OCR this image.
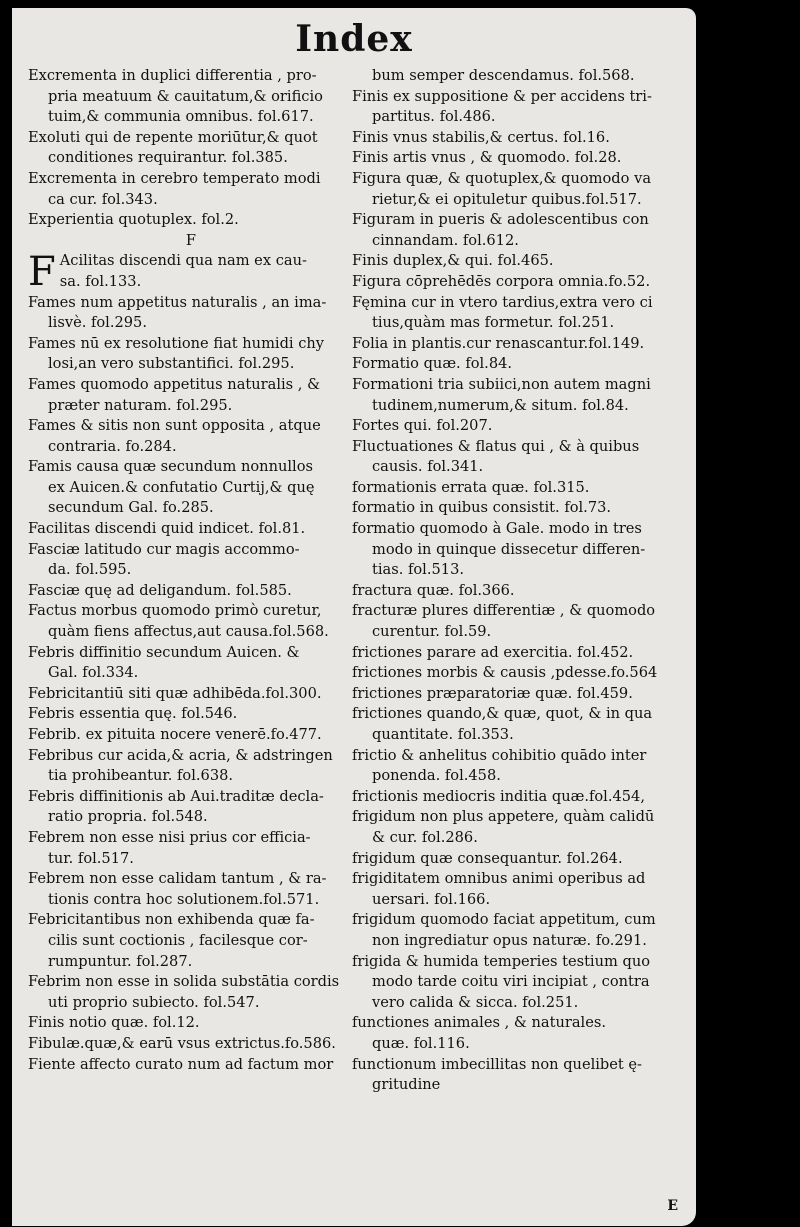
Index
Excrementa in duplici differentia , pro-
pria meatuum & cauitatum,& orificio
tuim,& communia omnibus. fol.617.
Exoluti qui de repente moriūtur,& quot
conditiones requirantur. fol.385.
Excrementa in cerebro temperato modi
ca cur. fol.343.
Experientia quotuplex. fol.2.
F
F Acilitas discendi qua nam ex cau-
sa. fol.133.
Fames num appetitus naturalis , an ima-
lisvè. fol.295.
Fames nū ex resolutione fiat humidi chy
losi,an vero substantifici. fol.295.
Fames quomodo appetitus naturalis , &
præter naturam. fol.295.
Fames & sitis non sunt opposita , atque
contraria. fo.284.
Famis causa quæ secundum nonnullos
ex Auicen.& confutatio Curtij,& quę
secundum Gal. fo.285.
Facilitas discendi quid indicet. fol.81.
Fasciæ latitudo cur magis accommo-
da. fol.595.
Fasciæ quę ad deligandum. fol.585.
Factus morbus quomodo primò curetur,
quàm fiens affectus,aut causa.fol.568.
Febris diffinitio secundum Auicen. &
Gal. fol.334.
Febricitantiū siti quæ adhibēda.fol.300.
Febris essentia quę. fol.546.
Febrib. ex pituita nocere venerē.fo.477.
Febribus cur acida,& acria, & adstringen
tia prohibeantur. fol.638.
Febris diffinitionis ab Aui.traditæ decla-
ratio propria. fol.548.
Febrem non esse nisi prius cor efficia-
tur. fol.517.
Febrem non esse calidam tantum , & ra-
tionis contra hoc solutionem.fol.571.
Febricitantibus non exhibenda quæ fa-
cilis sunt coctionis , facilesque cor-
rumpuntur. fol.287.
Febrim non esse in solida substātia cordis
uti proprio subiecto. fol.547.
Finis notio quæ. fol.12.
Fibulæ.quæ,& earū vsus extrictus.fo.586.
Fiente affecto curato num ad factum mor
bum semper descendamus. fol.568.
Finis ex suppositione & per accidens tri-
partitus. fol.486.
Finis vnus stabilis,& certus. fol.16.
Finis artis vnus , & quomodo. fol.28.
Figura quæ, & quotuplex,& quomodo va
rietur,& ei opituletur quibus.fol.517.
Figuram in pueris & adolescentibus con
cinnandam. fol.612.
Finis duplex,& qui. fol.465.
Figura cōprehēdēs corpora omnia.fo.52.
Fęmina cur in vtero tardius,extra vero ci
tius,quàm mas formetur. fol.251.
Folia in plantis.cur renascantur.fol.149.
Formatio quæ. fol.84.
Formationi tria subiici,non autem magni
tudinem,numerum,& situm. fol.84.
Fortes qui. fol.207.
Fluctuationes & flatus qui , & à quibus
causis. fol.341.
formationis errata quæ. fol.315.
formatio in quibus consistit. fol.73.
formatio quomodo à Gale. modo in tres
modo in quinque dissecetur differen-
tias. fol.513.
fractura quæ. fol.366.
fracturæ plures differentiæ , & quomodo
curentur. fol.59.
frictiones parare ad exercitia. fol.452.
frictiones morbis & causis ,pdesse.fo.564
frictiones præparatoriæ quæ. fol.459.
frictiones quando,& quæ, quot, & in qua
quantitate. fol.353.
frictio & anhelitus cohibitio quādo inter
ponenda. fol.458.
frictionis mediocris inditia quæ.fol.454,
frigidum non plus appetere, quàm calidū
& cur. fol.286.
frigidum quæ consequantur. fol.264.
frigiditatem omnibus animi operibus ad
uersari. fol.166.
frigidum quomodo faciat appetitum, cum
non ingrediatur opus naturæ. fo.291.
frigida & humida temperies testium quo
modo tarde coitu viri incipiat , contra
vero calida & sicca. fol.251.
functiones animales , & naturales.
quæ. fol.116.
functionum imbecillitas non quelibet ę-
gritudine
E
